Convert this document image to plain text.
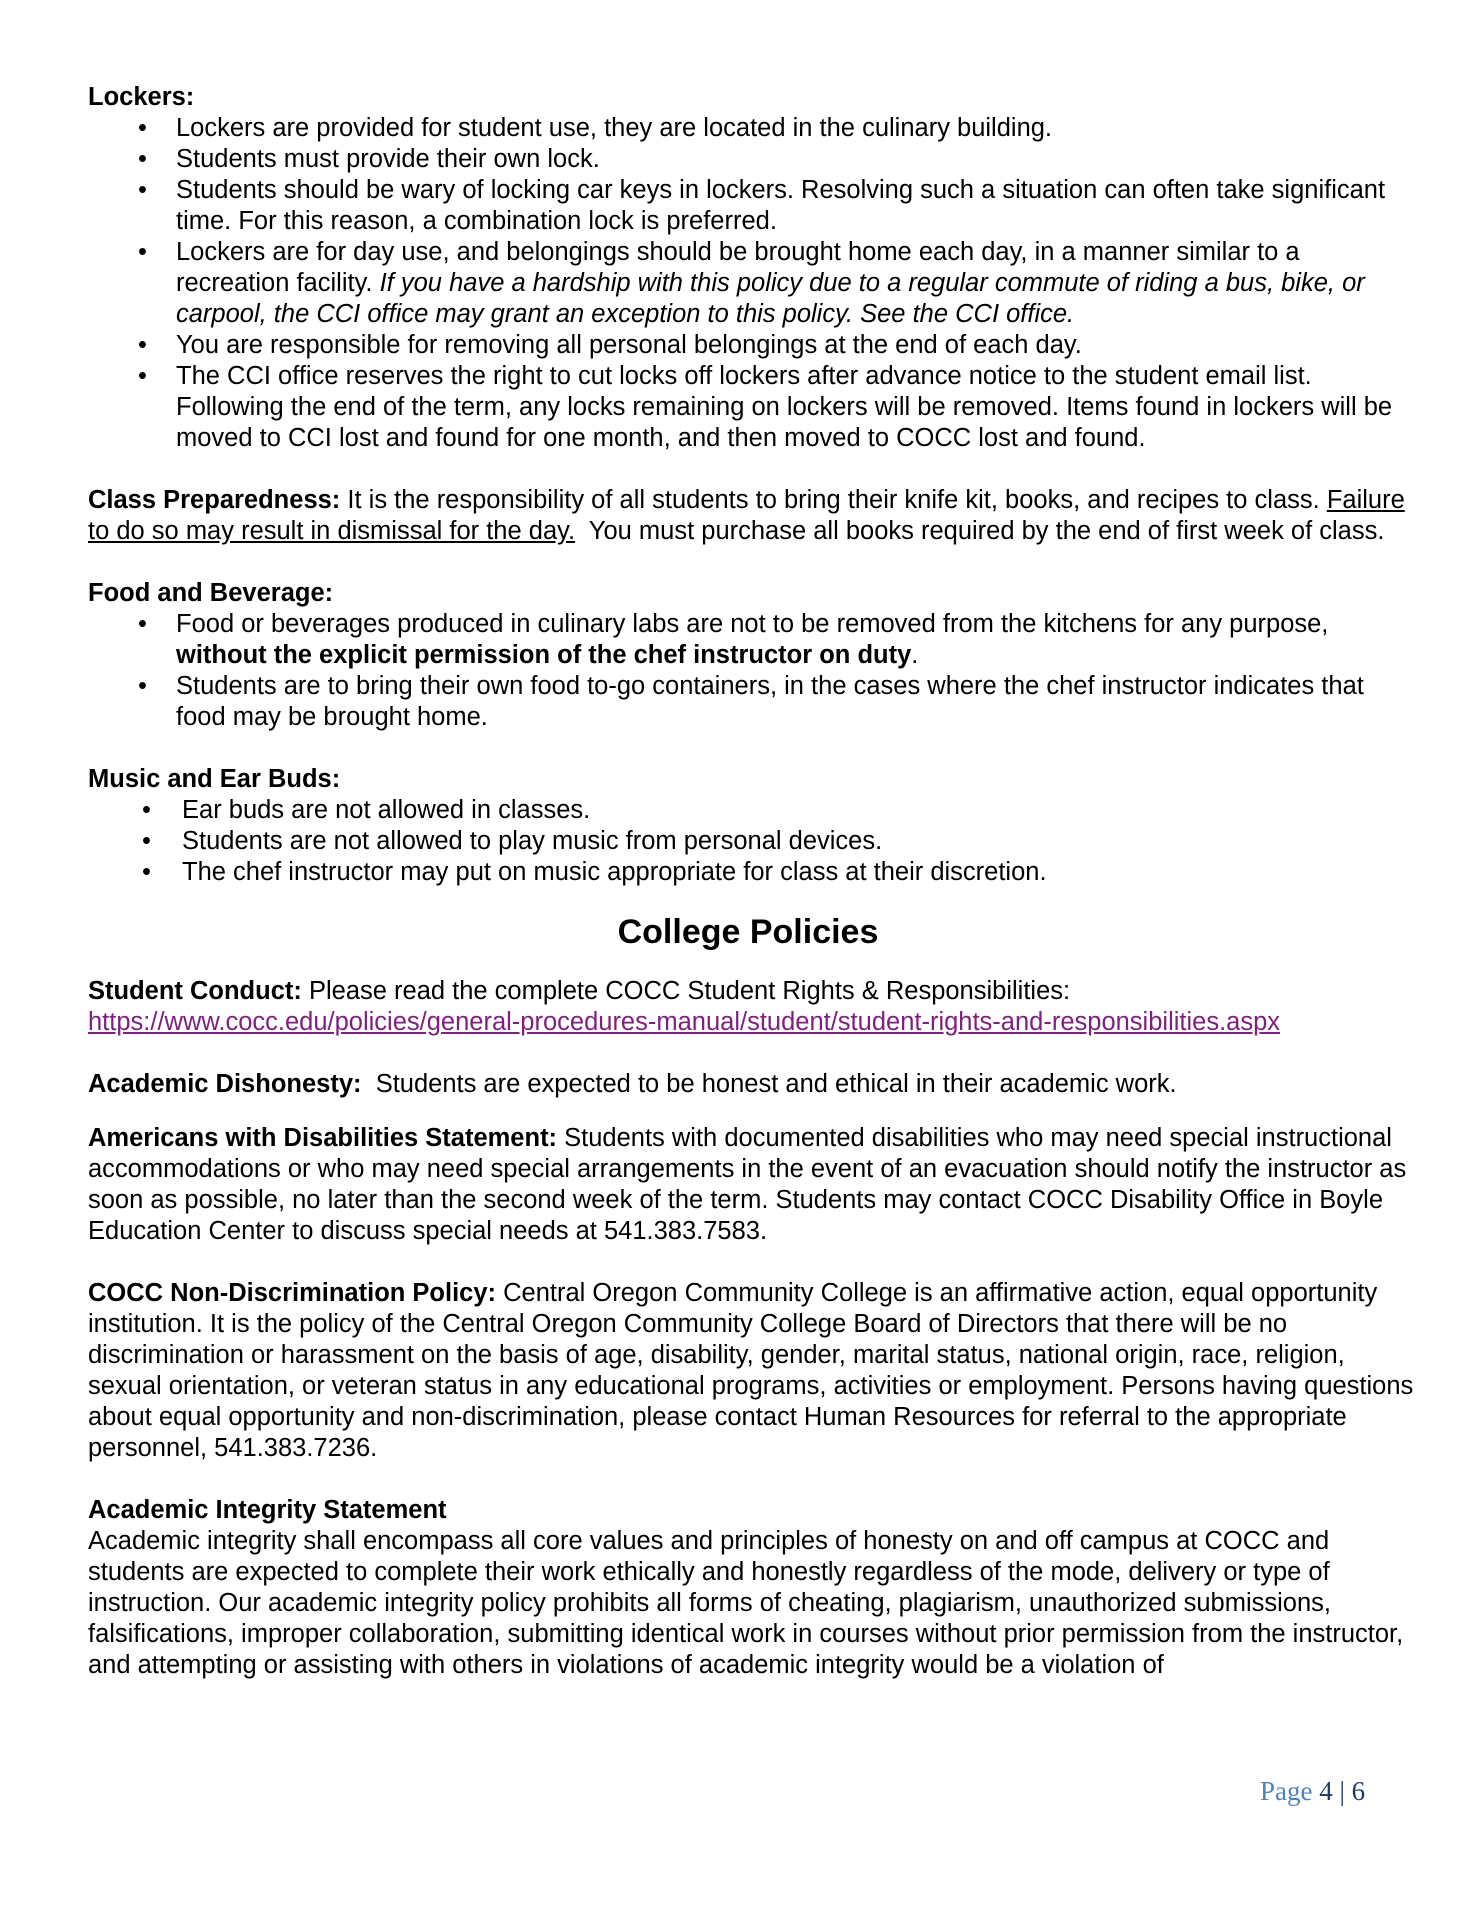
Lockers:
• Lockers are provided for student use, they are located in the culinary building.
• Students must provide their own lock.
• Students should be wary of locking car keys in lockers. Resolving such a situation can often take significant time. For this reason, a combination lock is preferred.
• Lockers are for day use, and belongings should be brought home each day, in a manner similar to a recreation facility. If you have a hardship with this policy due to a regular commute of riding a bus, bike, or carpool, the CCI office may grant an exception to this policy. See the CCI office.
• You are responsible for removing all personal belongings at the end of each day.
• The CCI office reserves the right to cut locks off lockers after advance notice to the student email list. Following the end of the term, any locks remaining on lockers will be removed. Items found in lockers will be moved to CCI lost and found for one month, and then moved to COCC lost and found.
Class Preparedness: It is the responsibility of all students to bring their knife kit, books, and recipes to class. Failure to do so may result in dismissal for the day. You must purchase all books required by the end of first week of class.
Food and Beverage:
• Food or beverages produced in culinary labs are not to be removed from the kitchens for any purpose, without the explicit permission of the chef instructor on duty.
• Students are to bring their own food to-go containers, in the cases where the chef instructor indicates that food may be brought home.
Music and Ear Buds:
• Ear buds are not allowed in classes.
• Students are not allowed to play music from personal devices.
• The chef instructor may put on music appropriate for class at their discretion.
College Policies
Student Conduct: Please read the complete COCC Student Rights & Responsibilities:
https://www.cocc.edu/policies/general-procedures-manual/student/student-rights-and-responsibilities.aspx
Academic Dishonesty: Students are expected to be honest and ethical in their academic work.
Americans with Disabilities Statement: Students with documented disabilities who may need special instructional accommodations or who may need special arrangements in the event of an evacuation should notify the instructor as soon as possible, no later than the second week of the term. Students may contact COCC Disability Office in Boyle Education Center to discuss special needs at 541.383.7583.
COCC Non-Discrimination Policy: Central Oregon Community College is an affirmative action, equal opportunity institution. It is the policy of the Central Oregon Community College Board of Directors that there will be no discrimination or harassment on the basis of age, disability, gender, marital status, national origin, race, religion, sexual orientation, or veteran status in any educational programs, activities or employment. Persons having questions about equal opportunity and non-discrimination, please contact Human Resources for referral to the appropriate personnel, 541.383.7236.
Academic Integrity Statement
Academic integrity shall encompass all core values and principles of honesty on and off campus at COCC and students are expected to complete their work ethically and honestly regardless of the mode, delivery or type of instruction. Our academic integrity policy prohibits all forms of cheating, plagiarism, unauthorized submissions, falsifications, improper collaboration, submitting identical work in courses without prior permission from the instructor, and attempting or assisting with others in violations of academic integrity would be a violation of
Page 4 | 6
